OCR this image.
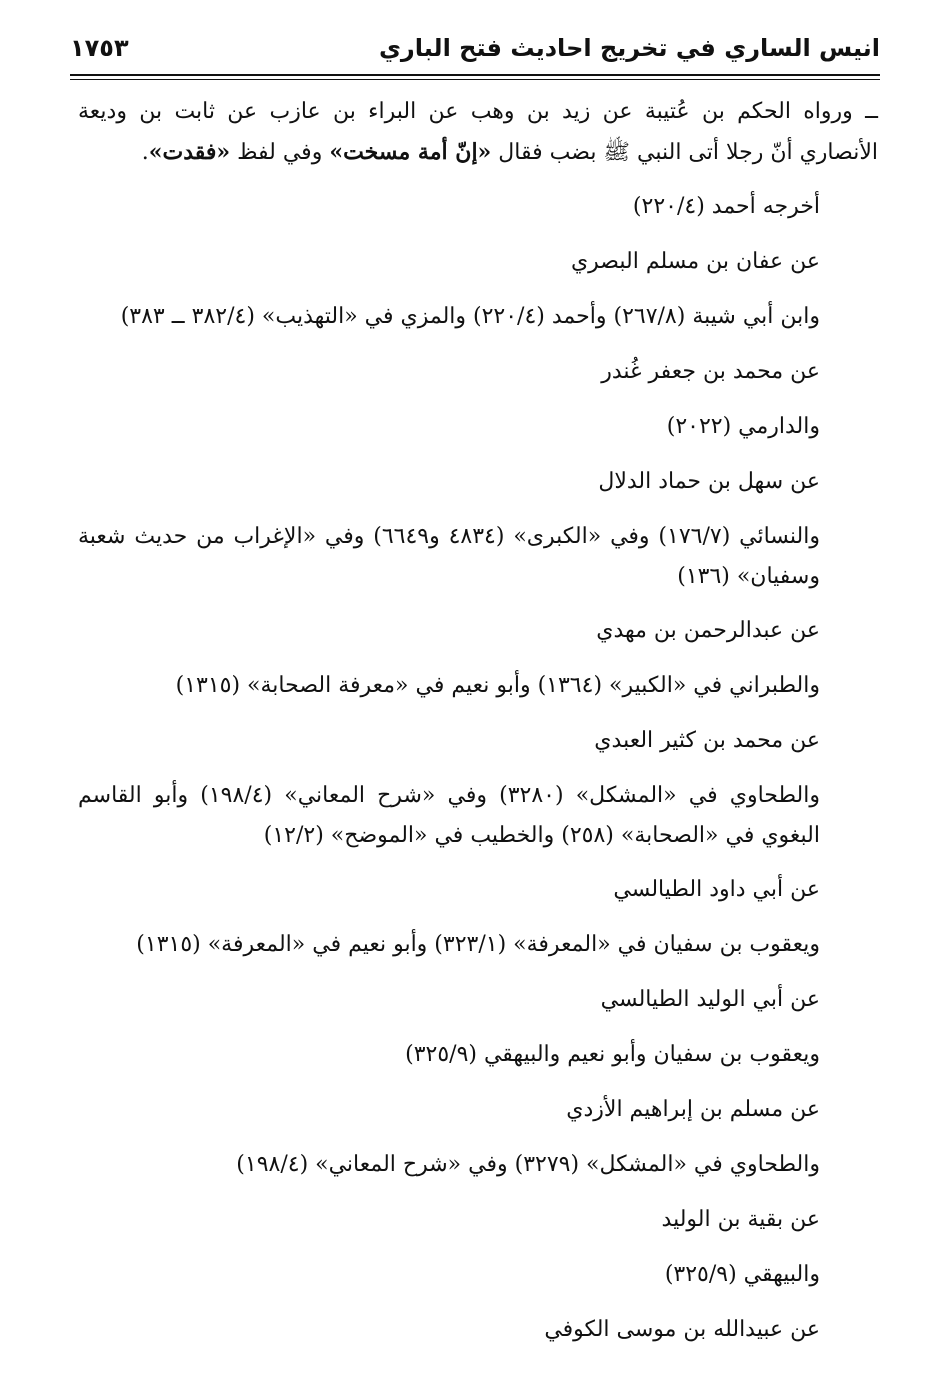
انيس الساري في تخريج احاديث فتح الباري
١٧٥٣

ــ ورواه الحكم بن عُتيبة عن زيد بن وهب عن البراء بن عازب عن ثابت بن وديعة الأنصاري أنّ رجلا أتى النبي ﷺ بضب فقال «إنّ أمة مسخت» وفي لفظ «فقدت».

أخرجه أحمد (٢٢٠/٤)

عن عفان بن مسلم البصري

وابن أبي شيبة (٢٦٧/٨) وأحمد (٢٢٠/٤) والمزي في «التهذيب» (٣٨٢/٤ ــ ٣٨٣)

عن محمد بن جعفر غُندر

والدارمي (٢٠٢٢)

عن سهل بن حماد الدلال

والنسائي (١٧٦/٧) وفي «الكبرى» (٤٨٣٤ و٦٦٤٩) وفي «الإغراب من حديث شعبة وسفيان» (١٣٦)

عن عبدالرحمن بن مهدي

والطبراني في «الكبير» (١٣٦٤) وأبو نعيم في «معرفة الصحابة» (١٣١٥)

عن محمد بن كثير العبدي

والطحاوي في «المشكل» (٣٢٨٠) وفي «شرح المعاني» (١٩٨/٤) وأبو القاسم البغوي في «الصحابة» (٢٥٨) والخطيب في «الموضح» (١٢/٢)

عن أبي داود الطيالسي

ويعقوب بن سفيان في «المعرفة» (٣٢٣/١) وأبو نعيم في «المعرفة» (١٣١٥)

عن أبي الوليد الطيالسي

ويعقوب بن سفيان وأبو نعيم والبيهقي (٣٢٥/٩)

عن مسلم بن إبراهيم الأزدي

والطحاوي في «المشكل» (٣٢٧٩) وفي «شرح المعاني» (١٩٨/٤)

عن بقية بن الوليد

والبيهقي (٣٢٥/٩)

عن عبيدالله بن موسى الكوفي
